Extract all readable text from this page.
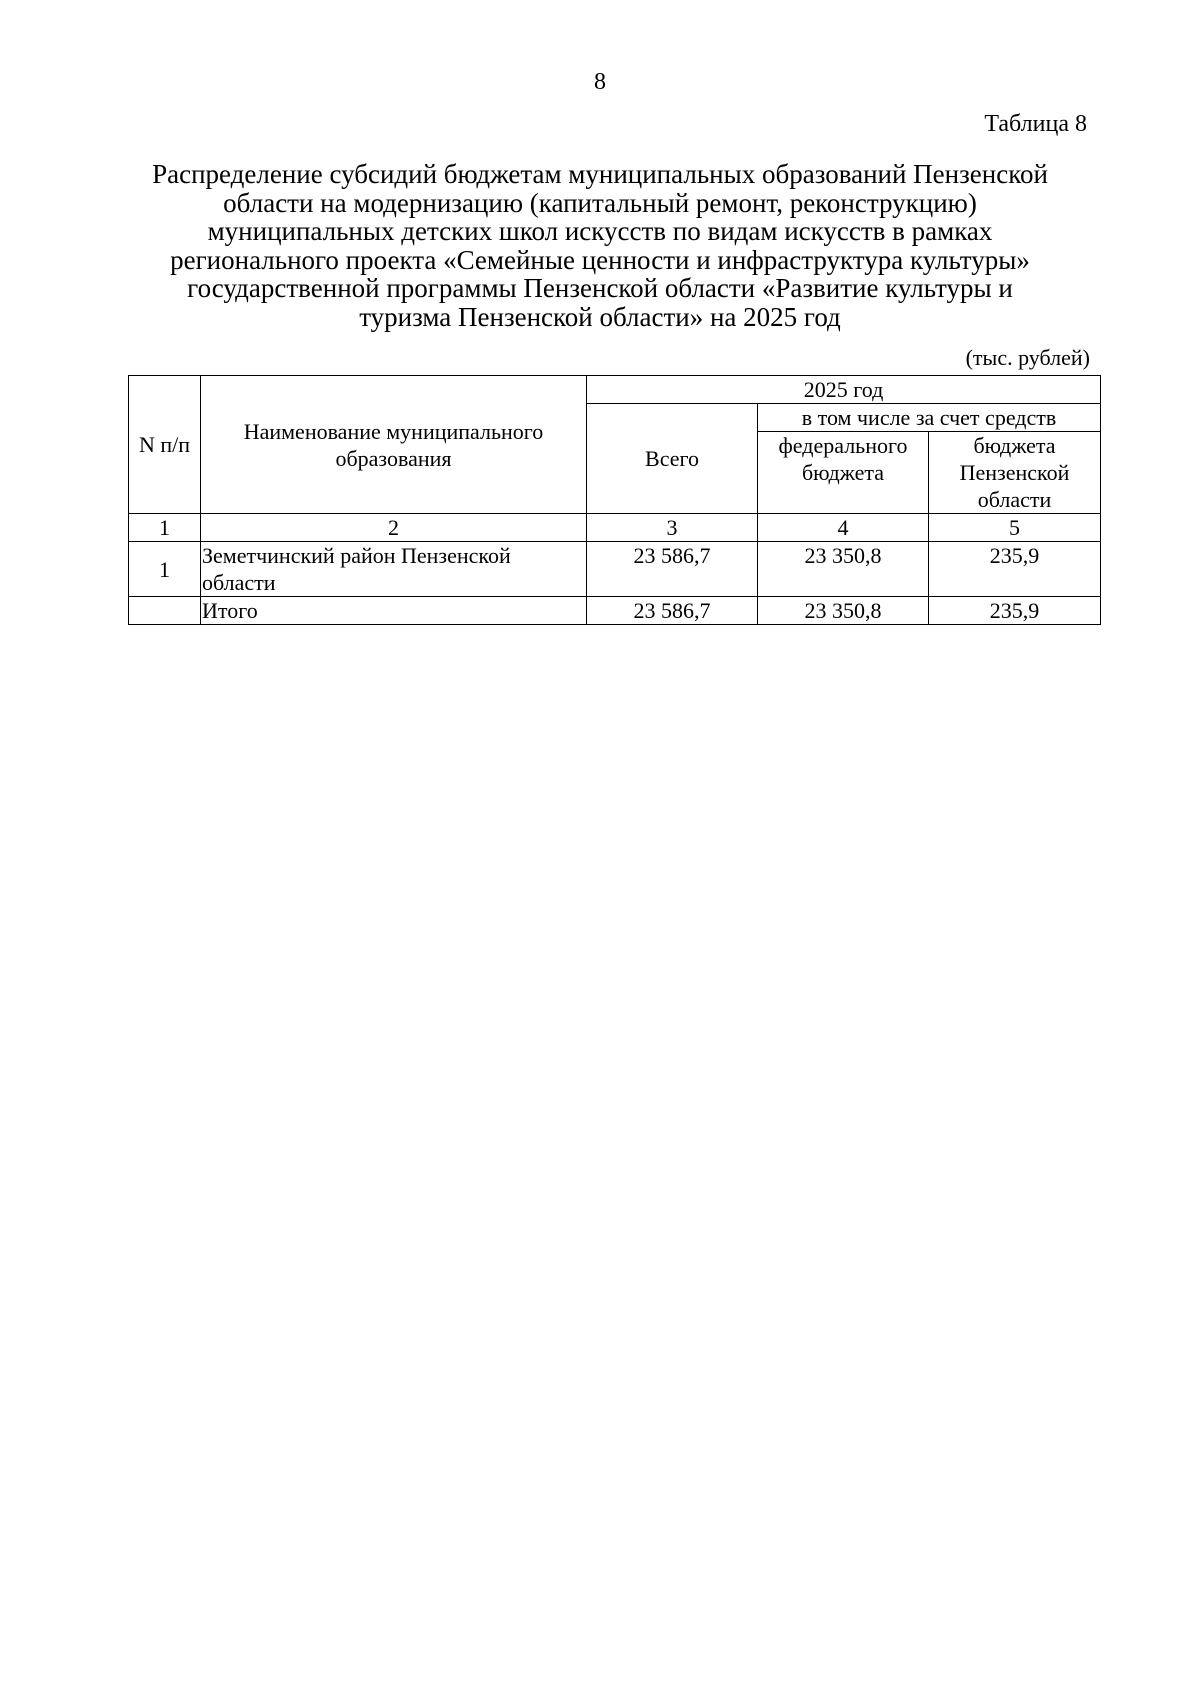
8
Таблица 8
Распределение субсидий бюджетам муниципальных образований Пензенской
области на модернизацию (капитальный ремонт, реконструкцию)
муниципальных детских школ искусств по видам искусств в рамках
регионального проекта «Семейные ценности и инфраструктура культуры»
государственной программы Пензенской области «Развитие культуры и
туризма Пензенской области» на 2025 год
(тыс. рублей)
N п/п	Наименование муниципального образования	2025 год		
		Всего	в том числе за счет средств	
			федерального бюджета	бюджета Пензенской области
1	2	3	4	5
1	Земетчинский район Пензенской области	23 586,7	23 350,8	235,9
	Итого	23 586,7	23 350,8	235,9
